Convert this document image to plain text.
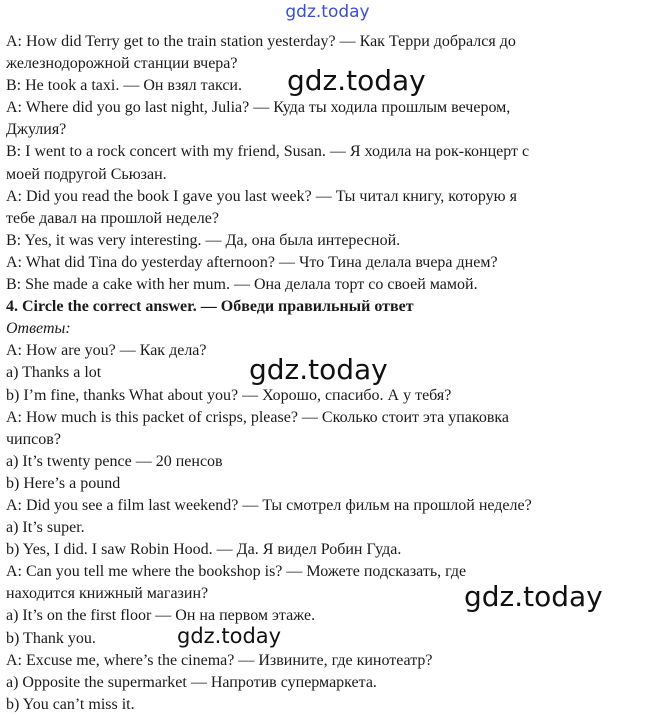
gdz.today
A: How did Terry get to the train station yesterday? — Как Терри добрался до
железнодорожной станции вчера?
B: He took a taxi. — Он взял такси.
A: Where did you go last night, Julia? — Куда ты ходила прошлым вечером,
Джулия?
B: I went to a rock concert with my friend, Susan. — Я ходила на рок-концерт с
моей подругой Сьюзан.
A: Did you read the book I gave you last week? — Ты читал книгу, которую я
тебе давал на прошлой неделе?
B: Yes, it was very interesting. — Да, она была интересной.
A: What did Tina do yesterday afternoon? — Что Тина делала вчера днем?
B: She made a cake with her mum. — Она делала торт со своей мамой.
4. Circle the correct answer. — Обведи правильный ответ
Ответы:
A: How are you? — Как дела?
a) Thanks a lot
b) I’m fine, thanks What about you? — Хорошо, спасибо. А у тебя?
A: How much is this packet of crisps, please? — Сколько стоит эта упаковка
чипсов?
a) It’s twenty pence — 20 пенсов
b) Here’s a pound
A: Did you see a film last weekend? — Ты смотрел фильм на прошлой неделе?
a) It’s super.
b) Yes, I did. I saw Robin Hood. — Да. Я видел Робин Гуда.
A: Can you tell me where the bookshop is? — Можете подсказать, где
находится книжный магазин?
a) It’s on the first floor — Он на первом этаже.
b) Thank you.
A: Excuse me, where’s the cinema? — Извините, где кинотеатр?
a) Opposite the supermarket — Напротив супермаркета.
b) You can’t miss it.
gdz.today
gdz.today
gdz.today
gdz.today
